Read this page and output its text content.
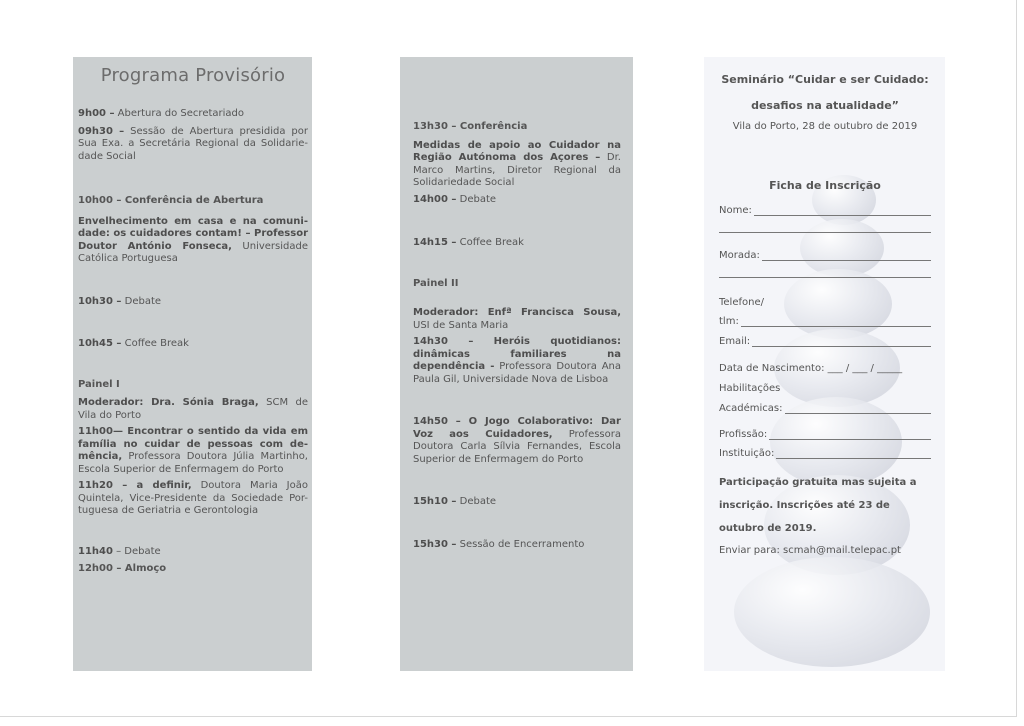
Programa Provisório

9h00 – Abertura do Secretariado

09h30 – Sessão de Abertura presidida por Sua Exa. a Secretária Regional da Solidarie-dade Social

10h00 – Conferência de Abertura

Envelhecimento em casa e na comuni-dade: os cuidadores contam! – Professor Doutor António Fonseca, Universidade Católica Portuguesa

10h30 – Debate

10h45 – Coffee Break

Painel I

Moderador: Dra. Sónia Braga, SCM de Vila do Porto

11h00— Encontrar o sentido da vida em família no cuidar de pessoas com de-mência, Professora Doutora Júlia Martinho, Escola Superior de Enfermagem do Porto

11h20 – a definir, Doutora Maria João Quintela, Vice-Presidente da Sociedade Por-tuguesa de Geriatria e Gerontologia

11h40 – Debate

12h00 – Almoço

13h30 – Conferência

Medidas de apoio ao Cuidador na Região Autónoma dos Açores – Dr. Marco Martins, Diretor Regional da Solidariedade Social

14h00 – Debate

14h15 – Coffee Break

Painel II

Moderador: Enfª Francisca Sousa, USI de Santa Maria

14h30 – Heróis quotidianos: dinâmicas familiares na dependência - Professora Doutora Ana Paula Gil, Universidade Nova de Lisboa

14h50 – O Jogo Colaborativo: Dar Voz aos Cuidadores, Professora Doutora Carla Sílvia Fernandes, Escola Superior de Enfermagem do Porto

15h10 – Debate

15h30 – Sessão de Encerramento

Seminário “Cuidar e ser Cuidado: desafios na atualidade”

Vila do Porto, 28 de outubro de 2019

Ficha de Inscrição

Nome:
Morada:
Telefone/
tlm:
Email:
Data de Nascimento: ___ / ___ / _____
Habilitações
Académicas:
Profissão:
Instituição:

Participação gratuita mas sujeita a inscrição. Inscrições até 23 de outubro de 2019.

Enviar para: scmah@mail.telepac.pt
